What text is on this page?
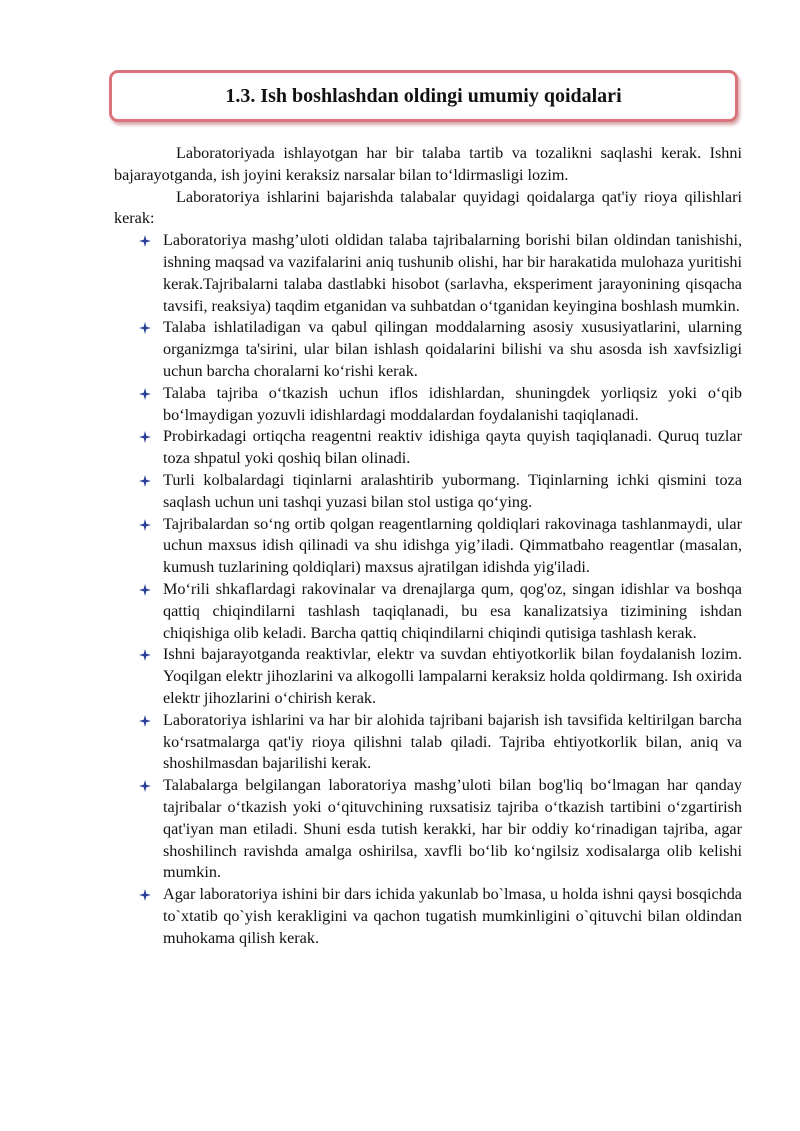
1.3. Ish boshlashdan oldingi umumiy qoidalari

Laboratoriyada ishlayotgan har bir talaba tartib va tozalikni saqlashi kerak. Ishni bajarayotganda, ish joyini keraksiz narsalar bilan to‘ldirmasligi lozim.

Laboratoriya ishlarini bajarishda talabalar quyidagi qoidalarga qat'iy rioya qilishlari kerak:

Laboratoriya mashg’uloti oldidan talaba tajribalarning borishi bilan oldindan tanishishi, ishning maqsad va vazifalarini aniq tushunib olishi, har bir harakatida mulohaza yuritishi kerak.Tajribalarni talaba dastlabki hisobot (sarlavha, eksperiment jarayonining qisqacha tavsifi, reaksiya) taqdim etganidan va suhbatdan o‘tganidan keyingina boshlash mumkin.
Talaba ishlatiladigan va qabul qilingan moddalarning asosiy xususiyatlarini, ularning organizmga ta'sirini, ular bilan ishlash qoidalarini bilishi va shu asosda ish xavfsizligi uchun barcha choralarni ko‘rishi kerak.
Talaba tajriba o‘tkazish uchun iflos idishlardan, shuningdek yorliqsiz yoki o‘qib bo‘lmaydigan yozuvli idishlardagi moddalardan foydalanishi taqiqlanadi.
Probirkadagi ortiqcha reagentni reaktiv idishiga qayta quyish taqiqlanadi. Quruq tuzlar toza shpatul yoki qoshiq bilan olinadi.
Turli kolbalardagi tiqinlarni aralashtirib yubormang. Tiqinlarning ichki qismini toza saqlash uchun uni tashqi yuzasi bilan stol ustiga qo‘ying.
Tajribalardan so‘ng ortib qolgan reagentlarning qoldiqlari rakovinaga tashlanmaydi, ular uchun maxsus idish qilinadi va shu idishga yig’iladi. Qimmatbaho reagentlar (masalan, kumush tuzlarining qoldiqlari) maxsus ajratilgan idishda yig'iladi.
Mo‘rili shkaflardagi rakovinalar va drenajlarga qum, qog'oz, singan idishlar va boshqa qattiq chiqindilarni tashlash taqiqlanadi, bu esa kanalizatsiya tizimining ishdan chiqishiga olib keladi. Barcha qattiq chiqindilarni chiqindi qutisiga tashlash kerak.
Ishni bajarayotganda reaktivlar, elektr va suvdan ehtiyotkorlik bilan foydalanish lozim. Yoqilgan elektr jihozlarini va alkogolli lampalarni keraksiz holda qoldirmang. Ish oxirida elektr jihozlarini o‘chirish kerak.
Laboratoriya ishlarini va har bir alohida tajribani bajarish ish tavsifida keltirilgan barcha ko‘rsatmalarga qat'iy rioya qilishni talab qiladi. Tajriba ehtiyotkorlik bilan, aniq va shoshilmasdan bajarilishi kerak.
Talabalarga belgilangan laboratoriya mashg’uloti bilan bog'liq bo‘lmagan har qanday tajribalar o‘tkazish yoki o‘qituvchining ruxsatisiz tajriba o‘tkazish tartibini o‘zgartirish qat'iyan man etiladi. Shuni esda tutish kerakki, har bir oddiy ko‘rinadigan tajriba, agar shoshilinch ravishda amalga oshirilsa, xavfli bo‘lib ko‘ngilsiz xodisalarga olib kelishi mumkin.
Agar laboratoriya ishini bir dars ichida yakunlab bo`lmasa, u holda ishni qaysi bosqichda to`xtatib qo`yish kerakligini va qachon tugatish mumkinligini o`qituvchi bilan oldindan muhokama qilish kerak.
